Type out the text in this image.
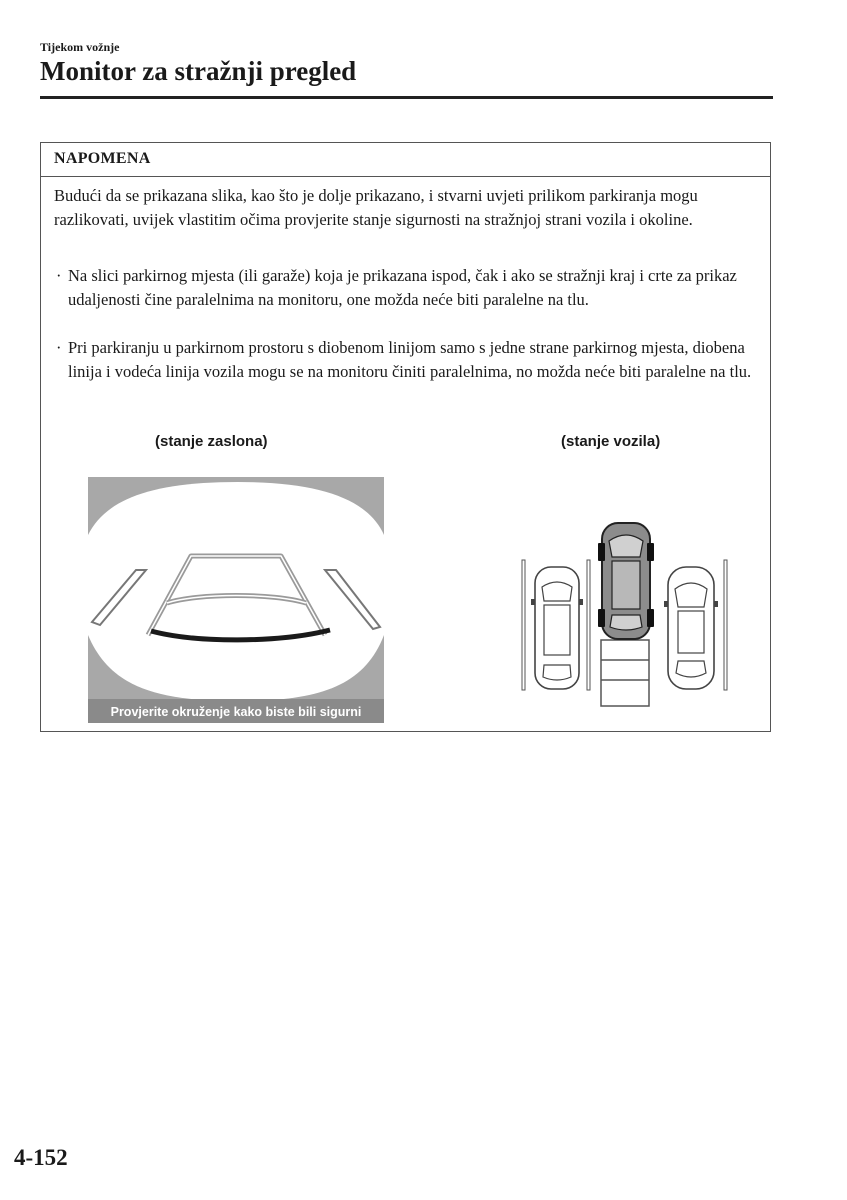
Tijekom vožnje
Monitor za stražnji pregled
NAPOMENA
Budući da se prikazana slika, kao što je dolje prikazano, i stvarni uvjeti prilikom parkiranja mogu razlikovati, uvijek vlastitim očima provjerite stanje sigurnosti na stražnjoj strani vozila i okoline.
· Na slici parkirnog mjesta (ili garaže) koja je prikazana ispod, čak i ako se stražnji kraj i crte za prikaz udaljenosti čine paralelnima na monitoru, one možda neće biti paralelne na tlu.
· Pri parkiranju u parkirnom prostoru s diobenom linijom samo s jedne strane parkirnog mjesta, diobena linija i vodeća linija vozila mogu se na monitoru činiti paralelnima, no možda neće biti paralelne na tlu.
(stanje zaslona)	(stanje vozila)
Provjerite okruženje kako biste bili sigurni
4-152
